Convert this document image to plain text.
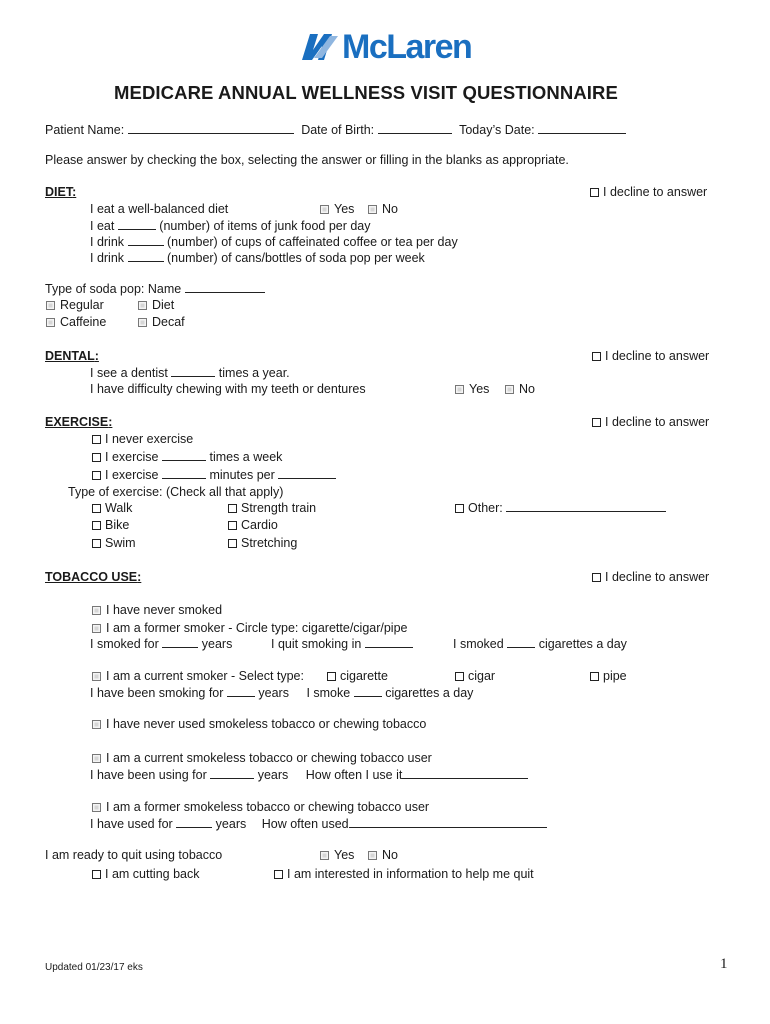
McLaren
MEDICARE ANNUAL WELLNESS VISIT QUESTIONNAIRE
Patient Name:	Date of Birth:	Today’s Date:
Please answer by checking the box, selecting the answer or filling in the blanks as appropriate.
DIET:	I decline to answer
I eat a well-balanced diet	Yes	No
I eat	(number) of items of junk food per day
I drink	(number) of cups of caffeinated coffee or tea per day
I drink	(number) of cans/bottles of soda pop per week
Type of soda pop: Name
Regular	Diet
Caffeine	Decaf
DENTAL:	I decline to answer
I see a dentist	times a year.
I have difficulty chewing with my teeth or dentures	Yes	No
EXERCISE:	I decline to answer
I never exercise
I exercise	times a week
I exercise	minutes per
Type of exercise: (Check all that apply)
Walk	Strength train	Other:
Bike	Cardio
Swim	Stretching
TOBACCO USE:	I decline to answer
I have never smoked
I am a former smoker - Circle type: cigarette/cigar/pipe
I smoked for	years	I quit smoking in	I smoked	cigarettes a day
I am a current smoker - Select type:	cigarette	cigar	pipe
I have been smoking for	years I smoke	cigarettes a day
I have never used smokeless tobacco or chewing tobacco
I am a current smokeless tobacco or chewing tobacco user
I have been using for	years How often I use it
I am a former smokeless tobacco or chewing tobacco user
I have used for	years How often used
I am ready to quit using tobacco	Yes	No
I am cutting back	I am interested in information to help me quit
Updated 01/23/17 eks	1
